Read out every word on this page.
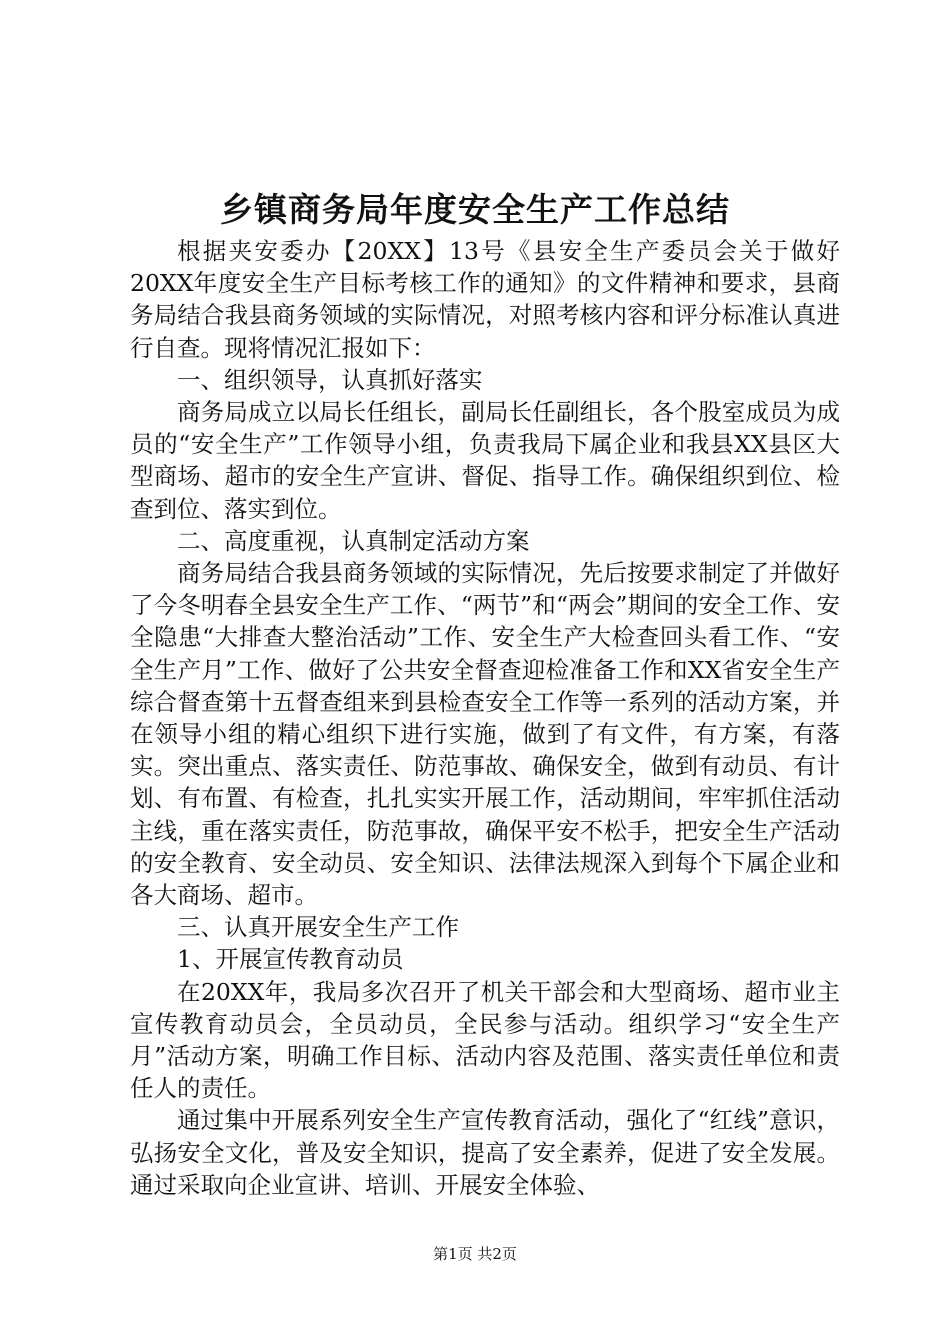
乡镇商务局年度安全生产工作总结

根据夹安委办【20XX】13号《县安全生产委员会关于做好20XX年度安全生产目标考核工作的通知》的文件精神和要求，县商务局结合我县商务领域的实际情况，对照考核内容和评分标准认真进行自查。现将情况汇报如下：

一、组织领导，认真抓好落实

商务局成立以局长任组长，副局长任副组长，各个股室成员为成员的“安全生产”工作领导小组，负责我局下属企业和我县XX县区大型商场、超市的安全生产宣讲、督促、指导工作。确保组织到位、检查到位、落实到位。

二、高度重视，认真制定活动方案

商务局结合我县商务领域的实际情况，先后按要求制定了并做好了今冬明春全县安全生产工作、“两节”和“两会”期间的安全工作、安全隐患“大排查大整治活动”工作、安全生产大检查回头看工作、“安全生产月”工作、做好了公共安全督查迎检准备工作和XX省安全生产综合督查第十五督查组来到县检查安全工作等一系列的活动方案，并在领导小组的精心组织下进行实施，做到了有文件，有方案，有落实。突出重点、落实责任、防范事故、确保安全，做到有动员、有计划、有布置、有检查，扎扎实实开展工作，活动期间，牢牢抓住活动主线，重在落实责任，防范事故，确保平安不松手，把安全生产活动的安全教育、安全动员、安全知识、法律法规深入到每个下属企业和各大商场、超市。

三、认真开展安全生产工作

1、开展宣传教育动员

在20XX年，我局多次召开了机关干部会和大型商场、超市业主宣传教育动员会，全员动员，全民参与活动。组织学习“安全生产月”活动方案，明确工作目标、活动内容及范围、落实责任单位和责任人的责任。

通过集中开展系列安全生产宣传教育活动，强化了“红线”意识，弘扬安全文化，普及安全知识，提高了安全素养，促进了安全发展。通过采取向企业宣讲、培训、开展安全体验、

第1页 共2页
